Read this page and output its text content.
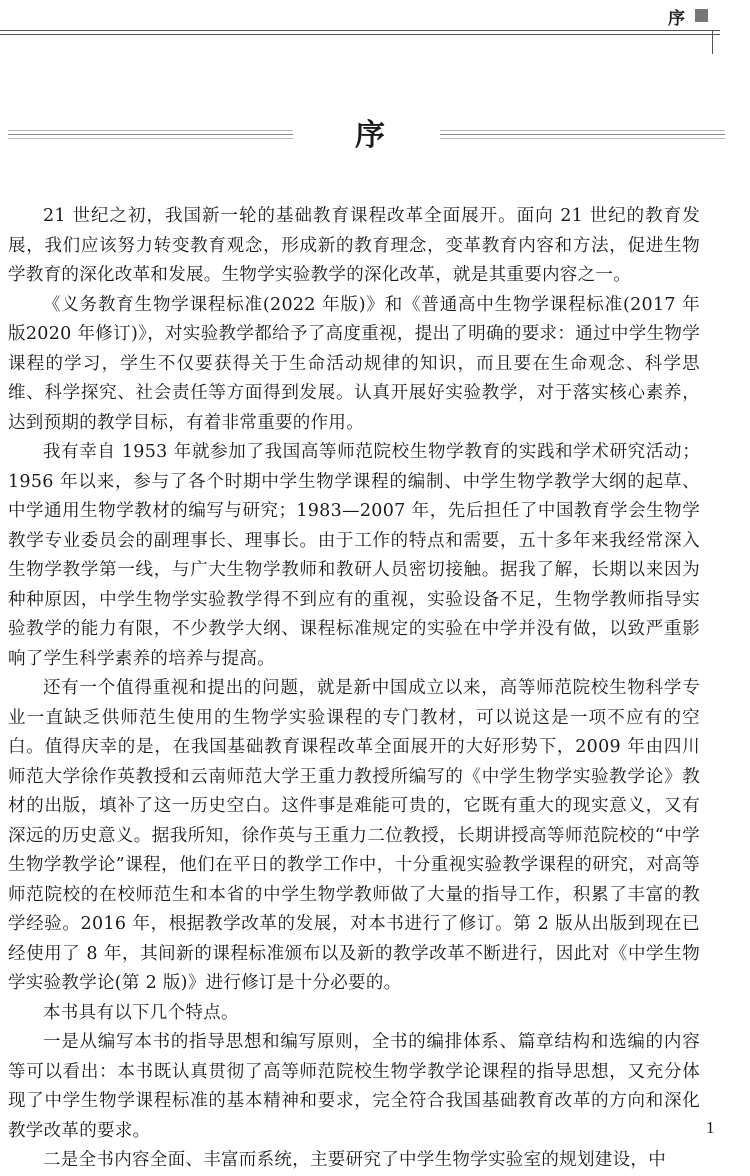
序
序

21 世纪之初，我国新一轮的基础教育课程改革全面展开。面向 21 世纪的教育发展，我们应该努力转变教育观念，形成新的教育理念，变革教育内容和方法，促进生物学教育的深化改革和发展。生物学实验教学的深化改革，就是其重要内容之一。

《义务教育生物学课程标准(2022 年版)》和《普通高中生物学课程标准(2017 年版2020 年修订)》，对实验教学都给予了高度重视，提出了明确的要求：通过中学生物学课程的学习，学生不仅要获得关于生命活动规律的知识，而且要在生命观念、科学思维、科学探究、社会责任等方面得到发展。认真开展好实验教学，对于落实核心素养，达到预期的教学目标，有着非常重要的作用。

我有幸自 1953 年就参加了我国高等师范院校生物学教育的实践和学术研究活动；1956 年以来，参与了各个时期中学生物学课程的编制、中学生物学教学大纲的起草、中学通用生物学教材的编写与研究；1983—2007 年，先后担任了中国教育学会生物学教学专业委员会的副理事长、理事长。由于工作的特点和需要，五十多年来我经常深入生物学教学第一线，与广大生物学教师和教研人员密切接触。据我了解，长期以来因为种种原因，中学生物学实验教学得不到应有的重视，实验设备不足，生物学教师指导实验教学的能力有限，不少教学大纲、课程标准规定的实验在中学并没有做，以致严重影响了学生科学素养的培养与提高。

还有一个值得重视和提出的问题，就是新中国成立以来，高等师范院校生物科学专业一直缺乏供师范生使用的生物学实验课程的专门教材，可以说这是一项不应有的空白。值得庆幸的是，在我国基础教育课程改革全面展开的大好形势下，2009 年由四川师范大学徐作英教授和云南师范大学王重力教授所编写的《中学生物学实验教学论》教材的出版，填补了这一历史空白。这件事是难能可贵的，它既有重大的现实意义，又有深远的历史意义。据我所知，徐作英与王重力二位教授，长期讲授高等师范院校的“中学生物学教学论”课程，他们在平日的教学工作中，十分重视实验教学课程的研究，对高等师范院校的在校师范生和本省的中学生物学教师做了大量的指导工作，积累了丰富的教学经验。2016 年，根据教学改革的发展，对本书进行了修订。第 2 版从出版到现在已经使用了 8 年，其间新的课程标准颁布以及新的教学改革不断进行，因此对《中学生物学实验教学论(第 2 版)》进行修订是十分必要的。

本书具有以下几个特点。

一是从编写本书的指导思想和编写原则，全书的编排体系、篇章结构和选编的内容等可以看出：本书既认真贯彻了高等师范院校生物学教学论课程的指导思想，又充分体现了中学生物学课程标准的基本精神和要求，完全符合我国基础教育改革的方向和深化教学改革的要求。

二是全书内容全面、丰富而系统，主要研究了中学生物学实验室的规划建设，中

1
